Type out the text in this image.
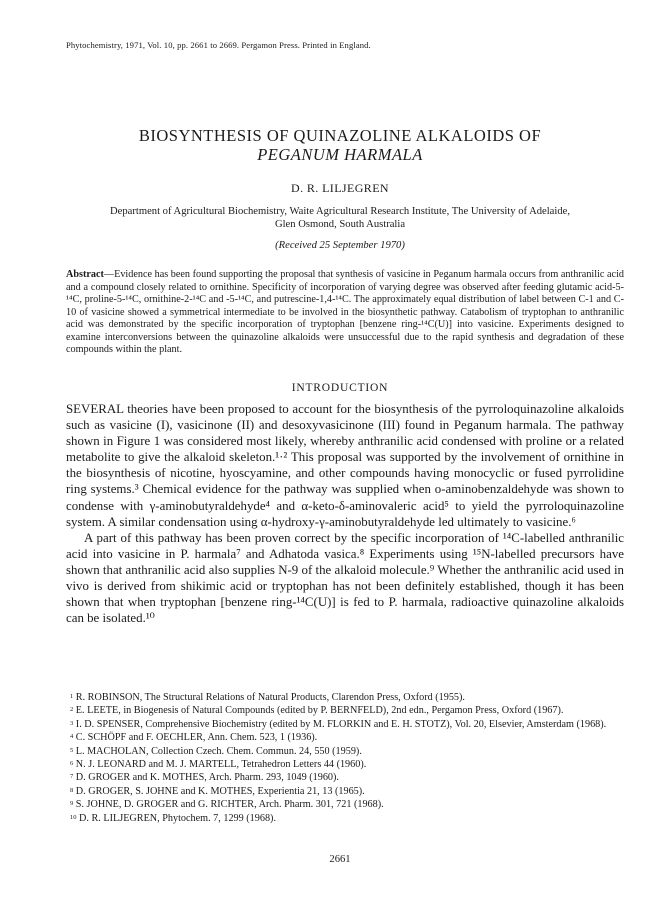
Phytochemistry, 1971, Vol. 10, pp. 2661 to 2669. Pergamon Press. Printed in England.
BIOSYNTHESIS OF QUINAZOLINE ALKALOIDS OF
PEGANUM HARMALA
D. R. LILJEGREN
Department of Agricultural Biochemistry, Waite Agricultural Research Institute, The University of Adelaide,
Glen Osmond, South Australia
(Received 25 September 1970)
Abstract—Evidence has been found supporting the proposal that synthesis of vasicine in Peganum harmala occurs from anthranilic acid and a compound closely related to ornithine. Specificity of incorporation of varying degree was observed after feeding glutamic acid-5-¹⁴C, proline-5-¹⁴C, ornithine-2-¹⁴C and -5-¹⁴C, and putrescine-1,4-¹⁴C. The approximately equal distribution of label between C-1 and C-10 of vasicine showed a symmetrical intermediate to be involved in the biosynthetic pathway. Catabolism of tryptophan to anthranilic acid was demonstrated by the specific incorporation of tryptophan [benzene ring-¹⁴C(U)] into vasicine. Experiments designed to examine interconversions between the quinazoline alkaloids were unsuccessful due to the rapid synthesis and degradation of these compounds within the plant.
INTRODUCTION

SEVERAL theories have been proposed to account for the biosynthesis of the pyrroloquinazoline alkaloids such as vasicine (I), vasicinone (II) and desoxyvasicinone (III) found in Peganum harmala. The pathway shown in Figure 1 was considered most likely, whereby anthranilic acid condensed with proline or a related metabolite to give the alkaloid skeleton.¹·² This proposal was supported by the involvement of ornithine in the biosynthesis of nicotine, hyoscyamine, and other compounds having monocyclic or fused pyrrolidine ring systems.³ Chemical evidence for the pathway was supplied when o-aminobenzaldehyde was shown to condense with γ-aminobutyraldehyde⁴ and α-keto-δ-aminovaleric acid⁵ to yield the pyrroloquinazoline system. A similar condensation using α-hydroxy-γ-aminobutyraldehyde led ultimately to vasicine.⁶

A part of this pathway has been proven correct by the specific incorporation of ¹⁴C-labelled anthranilic acid into vasicine in P. harmala⁷ and Adhatoda vasica.⁸ Experiments using ¹⁵N-labelled precursors have shown that anthranilic acid also supplies N-9 of the alkaloid molecule.⁹ Whether the anthranilic acid used in vivo is derived from shikimic acid or tryptophan has not been definitely established, though it has been shown that when tryptophan [benzene ring-¹⁴C(U)] is fed to P. harmala, radioactive quinazoline alkaloids can be isolated.¹⁰

$^1$ R. ROBINSON, The Structural Relations of Natural Products, Clarendon Press, Oxford (1955).
$^2$ E. LEETE, in Biogenesis of Natural Compounds (edited by P. BERNFELD), 2nd edn., Pergamon Press, Oxford (1967).
$^3$ I. D. SPENSER, Comprehensive Biochemistry (edited by M. FLORKIN and E. H. STOTZ), Vol. 20, Elsevier, Amsterdam (1968).
$^4$ C. SCHÖPF and F. OECHLER, Ann. Chem. 523, 1 (1936).
$^5$ L. MACHOLAN, Collection Czech. Chem. Commun. 24, 550 (1959).
$^6$ N. J. LEONARD and M. J. MARTELL, Tetrahedron Letters 44 (1960).
$^7$ D. GROGER and K. MOTHES, Arch. Pharm. 293, 1049 (1960).
$^8$ D. GROGER, S. JOHNE and K. MOTHES, Experientia 21, 13 (1965).
$^9$ S. JOHNE, D. GROGER and G. RICHTER, Arch. Pharm. 301, 721 (1968).
$^{10}$ D. R. LILJEGREN, Phytochem. 7, 1299 (1968).
2661
